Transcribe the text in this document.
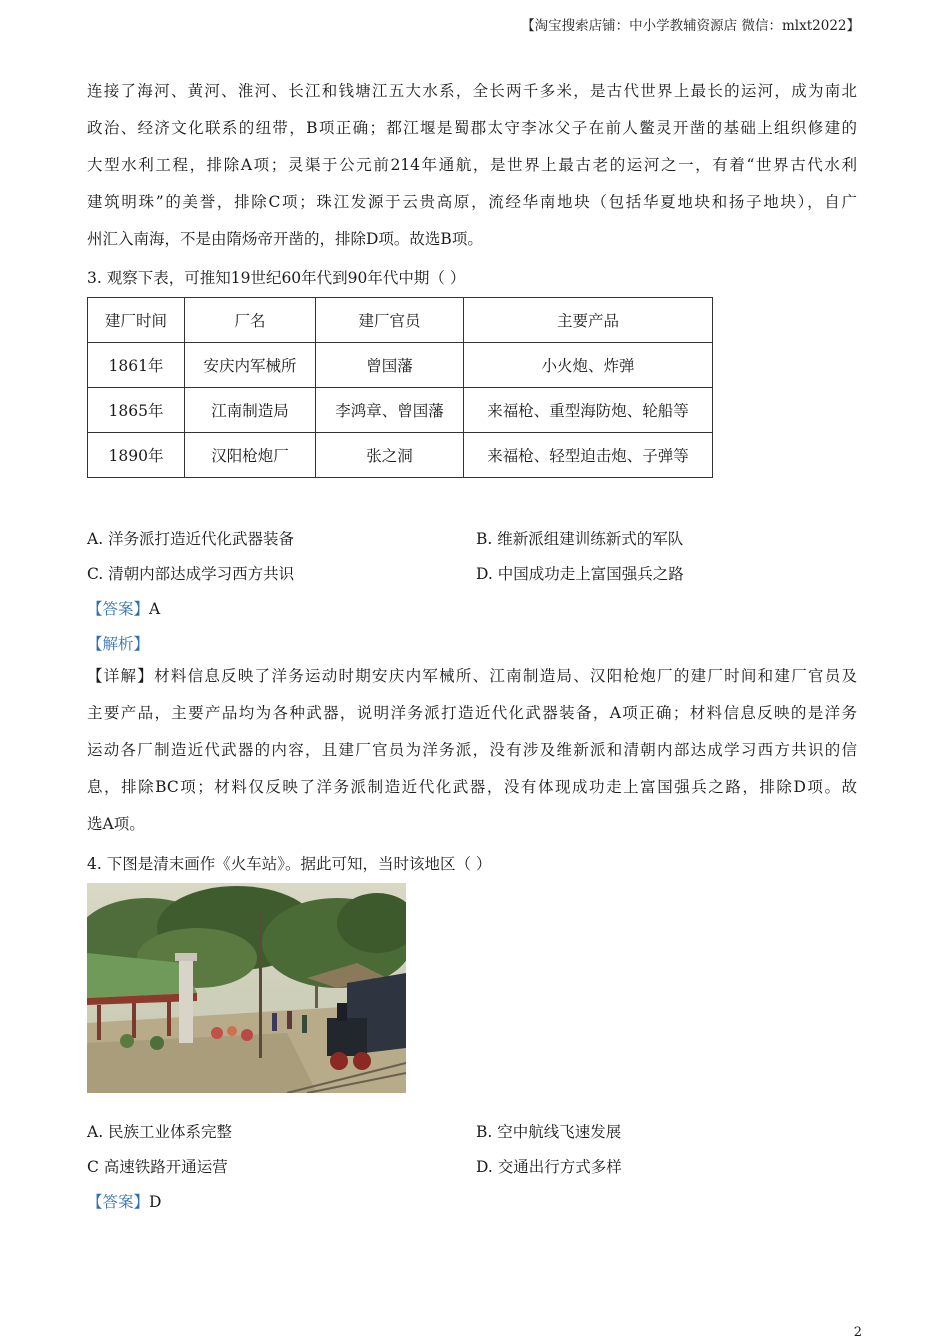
【淘宝搜索店铺：中小学教辅资源店 微信：mlxt2022】
连接了海河、黄河、淮河、长江和钱塘江五大水系，全长两千多米，是古代世界上最长的运河，成为南北
政治、经济文化联系的纽带，B项正确；都江堰是蜀郡太守李冰父子在前人鳖灵开凿的基础上组织修建的
大型水利工程，排除A项；灵渠于公元前214年通航，是世界上最古老的运河之一，有着“世界古代水利
建筑明珠”的美誉，排除C项；珠江发源于云贵高原，流经华南地块（包括华夏地块和扬子地块），自广
州汇入南海，不是由隋炀帝开凿的，排除D项。故选B项。
3. 观察下表，可推知19世纪60年代到90年代中期（ ）
建厂时间	厂名	建厂官员	主要产品
1861年	安庆内军械所	曾国藩	小火炮、炸弹
1865年	江南制造局	李鸿章、曾国藩	来福枪、重型海防炮、轮船等
1890年	汉阳枪炮厂	张之洞	来福枪、轻型迫击炮、子弹等
A. 洋务派打造近代化武器装备	B. 维新派组建训练新式的军队
C. 清朝内部达成学习西方共识	D. 中国成功走上富国强兵之路
【答案】A
【解析】
【详解】材料信息反映了洋务运动时期安庆内军械所、江南制造局、汉阳枪炮厂的建厂时间和建厂官员及
主要产品，主要产品均为各种武器，说明洋务派打造近代化武器装备，A项正确；材料信息反映的是洋务
运动各厂制造近代武器的内容，且建厂官员为洋务派，没有涉及维新派和清朝内部达成学习西方共识的信
息，排除BC项；材料仅反映了洋务派制造近代化武器，没有体现成功走上富国强兵之路，排除D项。故
选A项。
4. 下图是清末画作《火车站》。据此可知，当时该地区（ ）
A. 民族工业体系完整	B. 空中航线飞速发展
C 高速铁路开通运营	D. 交通出行方式多样
【答案】D
2
